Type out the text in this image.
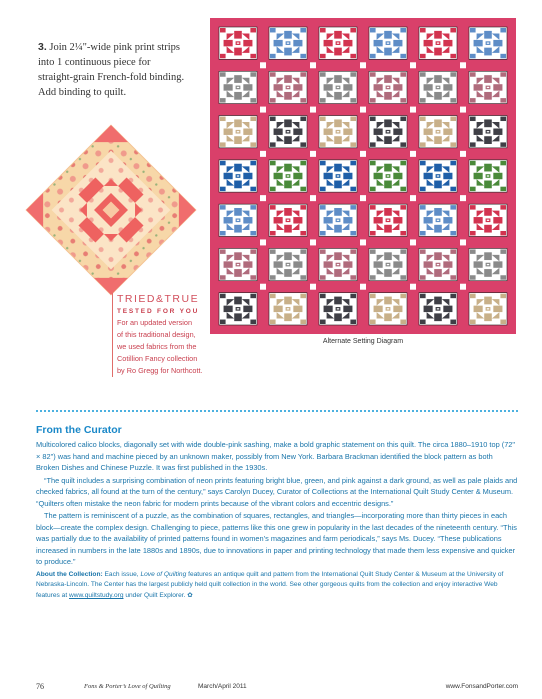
3. Join 2¼"-wide pink print strips into 1 continuous piece for straight-grain French-fold binding. Add binding to quilt.
TRIED&TRUE
TESTED FOR YOU
For an updated version
of this traditional design,
we used fabrics from the
Cotillion Fancy collection
by Ro Gregg for Northcott.
Alternate Setting Diagram
From the Curator

Multicolored calico blocks, diagonally set with wide double-pink sashing, make a bold graphic statement on this quilt. The circa 1880–1910 top (72" × 82") was hand and machine pieced by an unknown maker, possibly from New York. Barbara Brackman identified the block pattern as both Broken Dishes and Chinese Puzzle. It was first published in the 1930s.

“The quilt includes a surprising combination of neon prints featuring bright blue, green, and pink against a dark ground, as well as pale plaids and checked fabrics, all found at the turn of the century,” says Carolyn Ducey, Curator of Collections at the International Quilt Study Center & Museum. “Quilters often mistake the neon fabric for modern prints because of the vibrant colors and eccentric designs.”

The pattern is reminiscent of a puzzle, as the combination of squares, rectangles, and triangles—incorporating more than thirty pieces in each block—create the complex design. Challenging to piece, patterns like this one grew in popularity in the last decades of the nineteenth century. “This was partially due to the availability of printed patterns found in women’s magazines and farm periodicals,” says Ms. Ducey. “These publications increased in numbers in the late 1880s and 1890s, due to innovations in paper and printing technology that made them less expensive and quicker to produce.”

About the Collection: Each issue, Love of Quilting features an antique quilt and pattern from the International Quilt Study Center & Museum at the University of Nebraska-Lincoln. The Center has the largest publicly held quilt collection in the world. See other gorgeous quilts from the collection and enjoy interactive Web features at www.quiltstudy.org under Quilt Explorer. ✿
76	Fons & Porter’s Love of Quilting	March/April 2011	www.FonsandPorter.com
